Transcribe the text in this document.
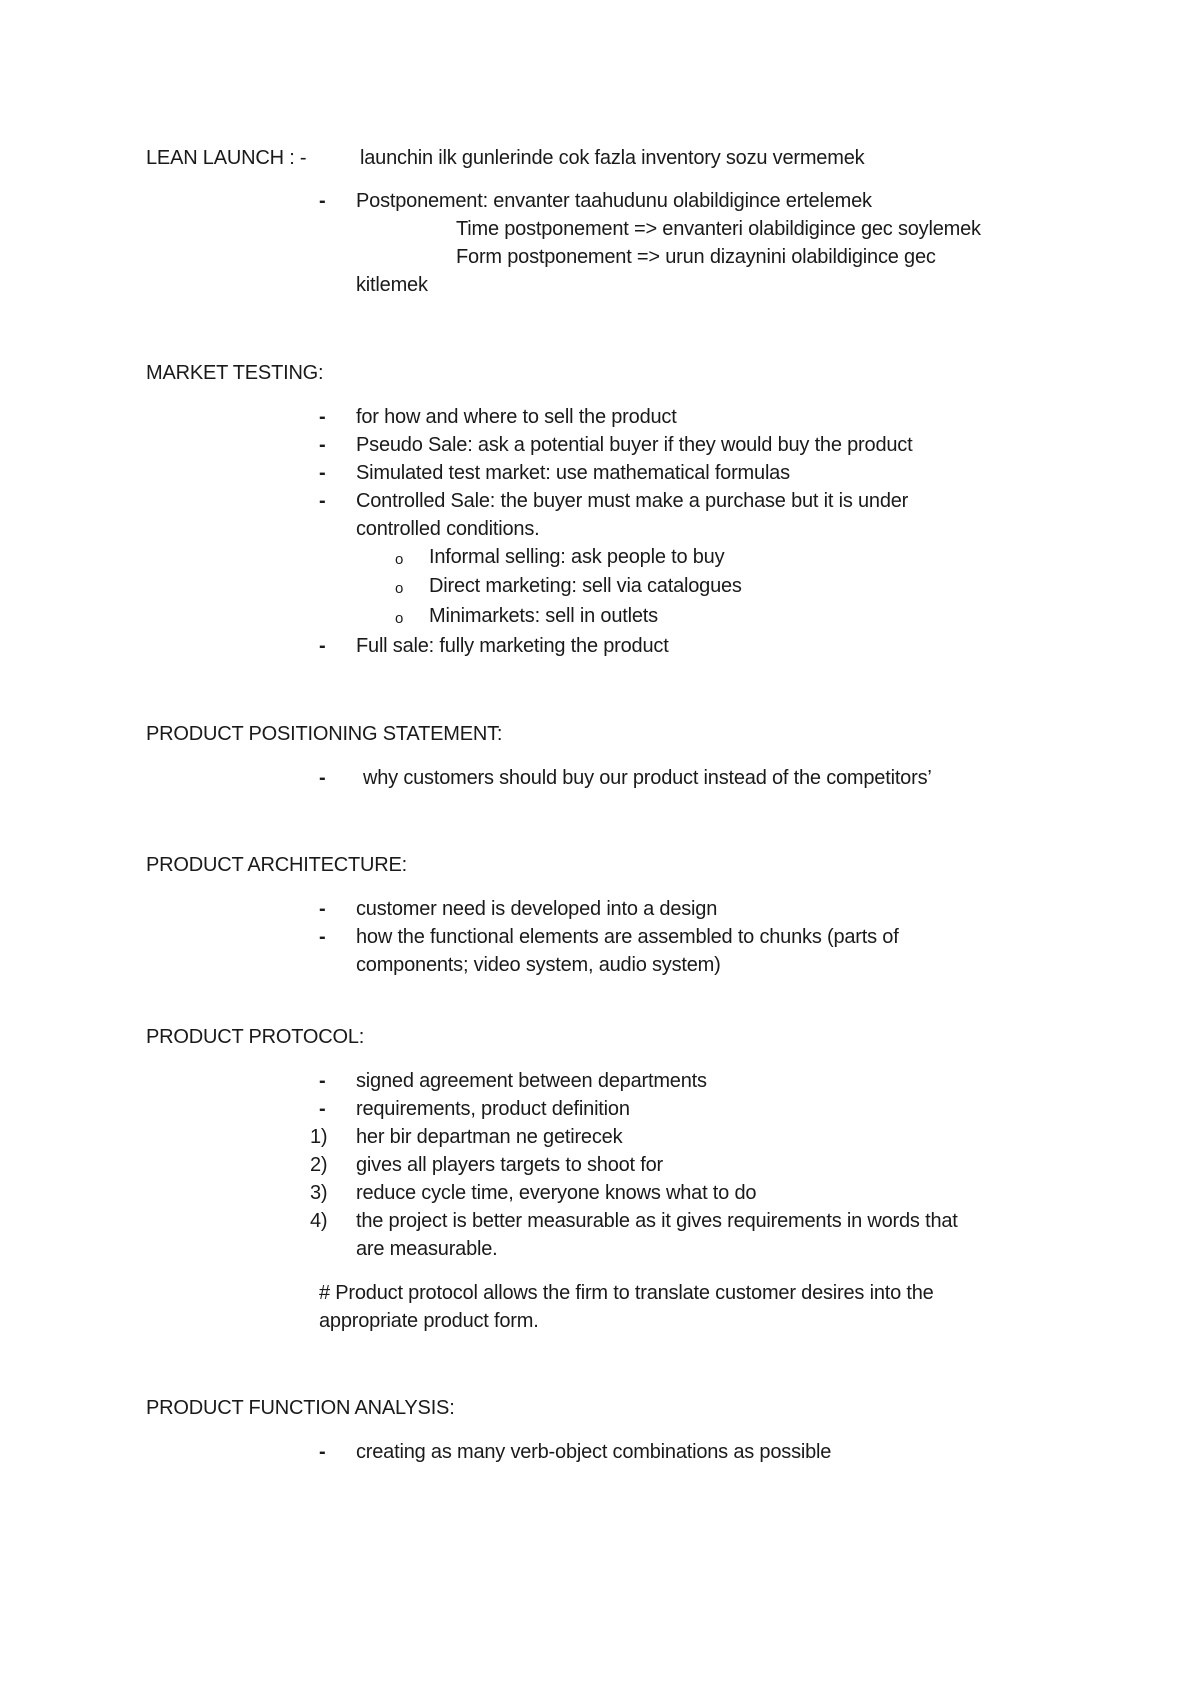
LEAN LAUNCH : -	launchin ilk gunlerinde cok fazla inventory sozu vermemek
- Postponement: envanter taahudunu olabildigince ertelemek
Time postponement => envanteri olabildigince gec soylemek
Form postponement => urun dizaynini olabildigince gec
kitlemek
MARKET TESTING:
- for how and where to sell the product
- Pseudo Sale: ask a potential buyer if they would buy the product
- Simulated test market: use mathematical formulas
- Controlled Sale: the buyer must make a purchase but it is under
controlled conditions.
o Informal selling: ask people to buy
o Direct marketing: sell via catalogues
o Minimarkets: sell in outlets
- Full sale: fully marketing the product
PRODUCT POSITIONING STATEMENT:
- why customers should buy our product instead of the competitors’
PRODUCT ARCHITECTURE:
- customer need is developed into a design
- how the functional elements are assembled to chunks (parts of
components; video system, audio system)
PRODUCT PROTOCOL:
- signed agreement between departments
- requirements, product definition
1) her bir departman ne getirecek
2) gives all players targets to shoot for
3) reduce cycle time, everyone knows what to do
4) the project is better measurable as it gives requirements in words that
are measurable.
# Product protocol allows the firm to translate customer desires into the
appropriate product form.
PRODUCT FUNCTION ANALYSIS:
- creating as many verb-object combinations as possible
